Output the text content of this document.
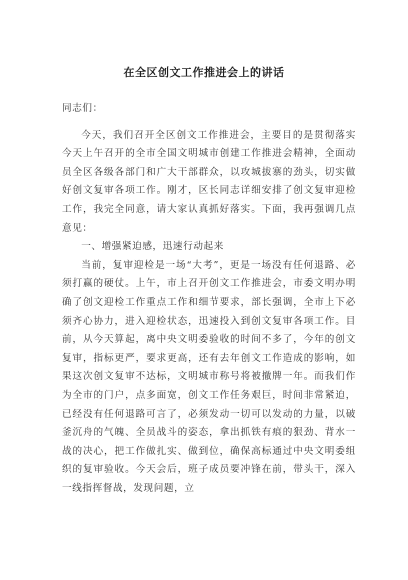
在全区创文工作推进会上的讲话

同志们：

今天，我们召开全区创文工作推进会，主要目的是贯彻落实今天上午召开的全市全国文明城市创建工作推进会精神，全面动员全区各级各部门和广大干部群众，以攻城拔寨的劲头，切实做好创文复审各项工作。刚才，区长同志详细安排了创文复审迎检工作，我完全同意，请大家认真抓好落实。下面，我再强调几点意见：

一、增强紧迫感，迅速行动起来

当前，复审迎检是一场“大考”，更是一场没有任何退路、必须打赢的硬仗。上午，市上召开创文工作推进会，市委文明办明确了创文迎检工作重点工作和细节要求，部长强调，全市上下必须齐心协力，进入迎检状态，迅速投入到创文复审各项工作。目前，从今天算起，离中央文明委验收的时间不多了，今年的创文复审，指标更严，要求更高，还有去年创文工作造成的影响，如果这次创文复审不达标，文明城市称号将被撤牌一年。而我们作为全市的门户，点多面宽，创文工作任务艰巨，时间非常紧迫，已经没有任何退路可言了，必须发动一切可以发动的力量，以破釜沉舟的气魄、全员战斗的姿态，拿出抓铁有痕的狠劲、背水一战的决心，把工作做扎实、做到位，确保高标通过中央文明委组织的复审验收。今天会后，班子成员要冲锋在前，带头干，深入一线指挥督战，发现问题，立
